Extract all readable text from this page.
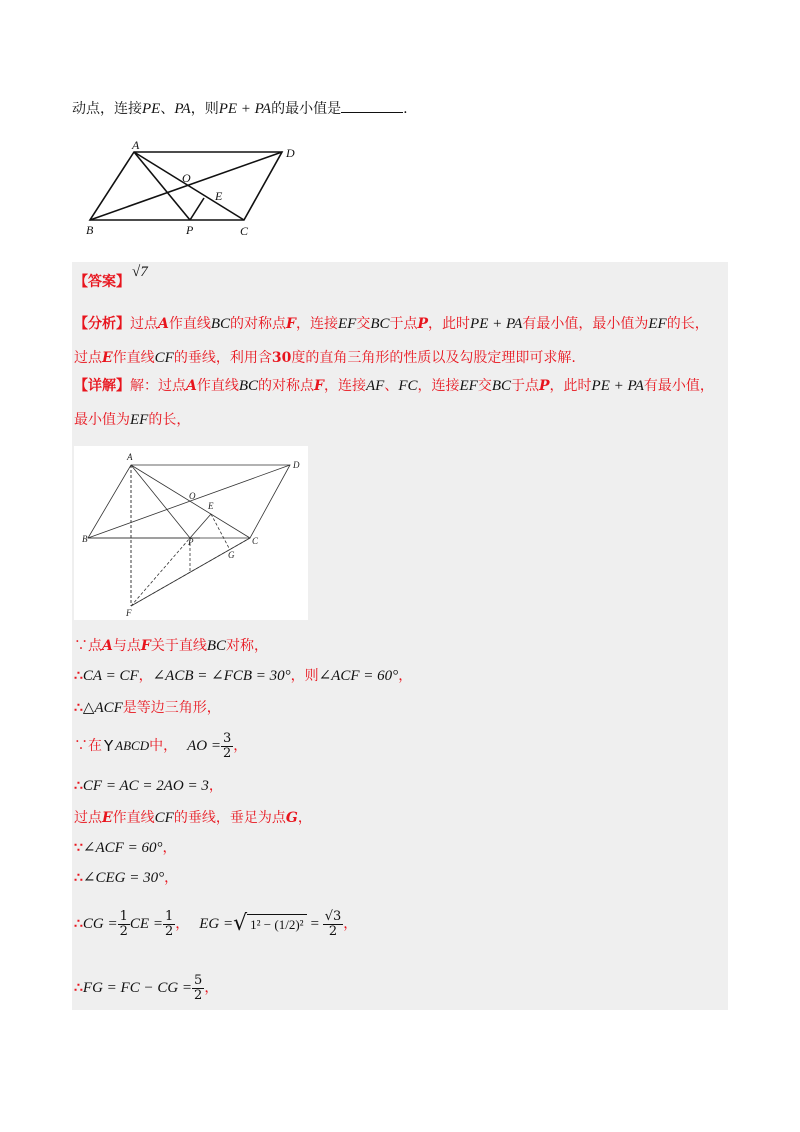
动点，连接PE、PA，则PE + PA的最小值是	.
A
D
O
E
B	P	C
【答案】√7
【分析】过点A作直线BC的对称点F，连接EF交BC于点P，此时PE + PA有最小值，最小值为EF的长，
过点E作直线CF的垂线，利用含30度的直角三角形的性质以及勾股定理即可求解.
【详解】解：过点A作直线BC的对称点F，连接AF、FC，连接EF交BC于点P，此时PE + PA有最小值，
最小值为EF的长，
A
D
O
E
B	P
G
C
F
∵点A与点F关于直线BC对称，
∴CA = CF，∠ACB = ∠FCB = 30°，则∠ACF = 60°，
∴△ACF是等边三角形，
∵在 Y ABCD 中， AO = $\frac{3}{2}$ ，
∴CF = AC = 2AO = 3，
过点E作直线CF的垂线，垂足为点G，
∵∠ACF = 60°，
∴∠CEG = 30°，
∴ CG = $\frac{1}{2}$ CE = $\frac{1}{2}$ ， EG = √ $1^2 - (1/2)^2 = \frac{√3}{2}$ ，
∴ FG = FC − CG = $\frac{5}{2}$ ，
